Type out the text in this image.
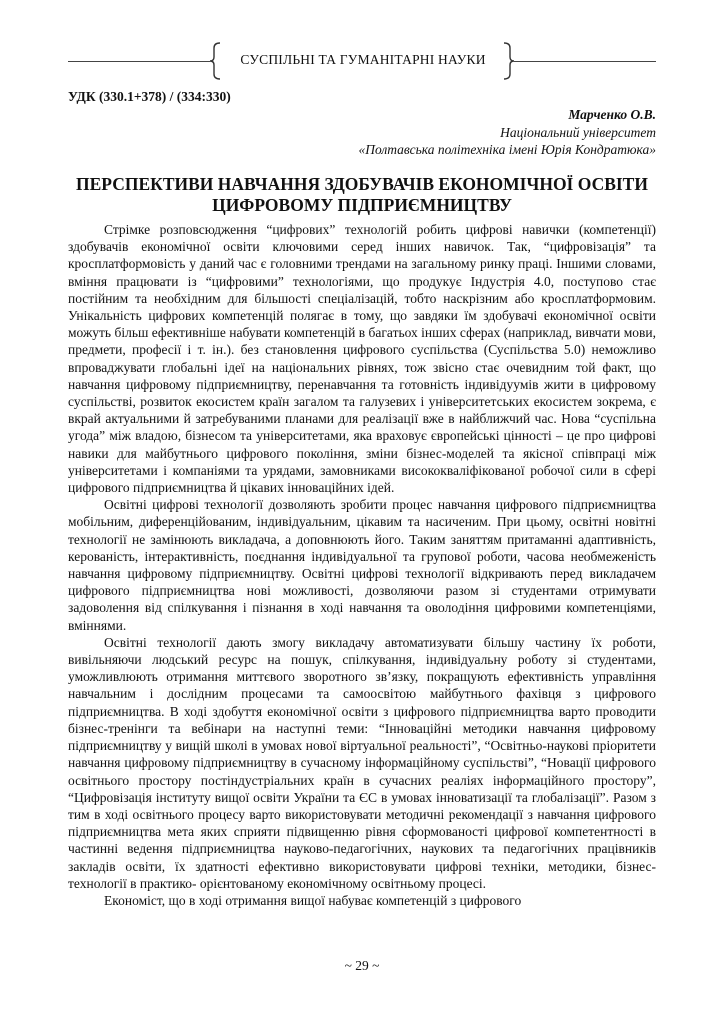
СУСПІЛЬНІ ТА ГУМАНІТАРНІ НАУКИ
УДК (330.1+378) / (334:330)
Марченко О.В.
Національний університет
«Полтавська політехніка імені Юрія Кондратюка»
ПЕРСПЕКТИВИ НАВЧАННЯ ЗДОБУВАЧІВ ЕКОНОМІЧНОЇ ОСВІТИ ЦИФРОВОМУ ПІДПРИЄМНИЦТВУ

Стрімке розповсюдження “цифрових” технологій робить цифрові навички (компетенції) здобувачів економічної освіти ключовими серед інших навичок. Так, “цифровізація” та кросплатформовість у даний час є головними трендами на загальному ринку праці. Іншими словами, вміння працювати із “цифровими” технологіями, що продукує Індустрія 4.0, поступово стає постійним та необхідним для більшості спеціалізацій, тобто наскрізним або кросплатформовим. Унікальність цифрових компетенцій полягає в тому, що завдяки їм здобувачі економічної освіти можуть більш ефективніше набувати компетенцій в багатьох інших сферах (наприклад, вивчати мови, предмети, професії і т. ін.). без становлення цифрового суспільства (Суспільства 5.0) неможливо впроваджувати глобальні ідеї на національних рівнях, тож звісно стає очевидним той факт, що навчання цифровому підприємництву, перенавчання та готовність індивідуумів жити в цифровому суспільстві, розвиток екосистем країн загалом та галузевих і університетських екосистем зокрема, є вкрай актуальними й затребуваними планами для реалізації вже в найближчий час. Нова “суспільна угода” між владою, бізнесом та університетами, яка враховує європейські цінності – це про цифрові навики для майбутнього цифрового покоління, зміни бізнес-моделей та якісної співпраці між університетами і компаніями та урядами, замовниками висококваліфікованої робочої сили в сфері цифрового підприємництва й цікавих інноваційних ідей.

Освітні цифрові технології дозволяють зробити процес навчання цифрового підприємництва мобільним, диференційованим, індивідуальним, цікавим та насиченим. При цьому, освітні новітні технології не замінюють викладача, а доповнюють його. Таким заняттям притаманні адаптивність, керованість, інтерактивність, поєднання індивідуальної та групової роботи, часова необмеженість навчання цифровому підприємництву. Освітні цифрові технології відкривають перед викладачем цифрового підприємництва нові можливості, дозволяючи разом зі студентами отримувати задоволення від спілкування і пізнання в ході навчання та оволодіння цифровими компетенціями, вміннями.

Освітні технології дають змогу викладачу автоматизувати більшу частину їх роботи, вивільняючи людський ресурс на пошук, спілкування, індивідуальну роботу зі студентами, уможливлюють отримання миттєвого зворотного зв’язку, покращують ефективність управління навчальним і дослідним процесами та самоосвітою майбутнього фахівця з цифрового підприємництва. В ході здобуття економічної освіти з цифрового підприємництва варто проводити бізнес-тренінги та вебінари на наступні теми: “Інноваційні методики навчання цифровому підприємництву у вищій школі в умовах нової віртуальної реальності”, “Освітньо-наукові пріоритети навчання цифровому підприємництву в сучасному інформаційному суспільстві”, “Новації цифрового освітнього простору постіндустріальних країн в сучасних реаліях інформаційного простору”, “Цифровізація інституту вищої освіти України та ЄС в умовах інноватизації та глобалізації”. Разом з тим в ході освітнього процесу варто використовувати методичні рекомендації з навчання цифрового підприємництва мета яких сприяти підвищенню рівня сформованості цифрової компетентності в частинні ведення підприємництва науково-педагогічних, наукових та педагогічних працівників закладів освіти, їх здатності ефективно використовувати цифрові техніки, методики, бізнес-технології в практико- орієнтованому економічному освітньому процесі.

Економіст, що в ході отримання вищої набуває компетенцій з цифрового

~ 29 ~
